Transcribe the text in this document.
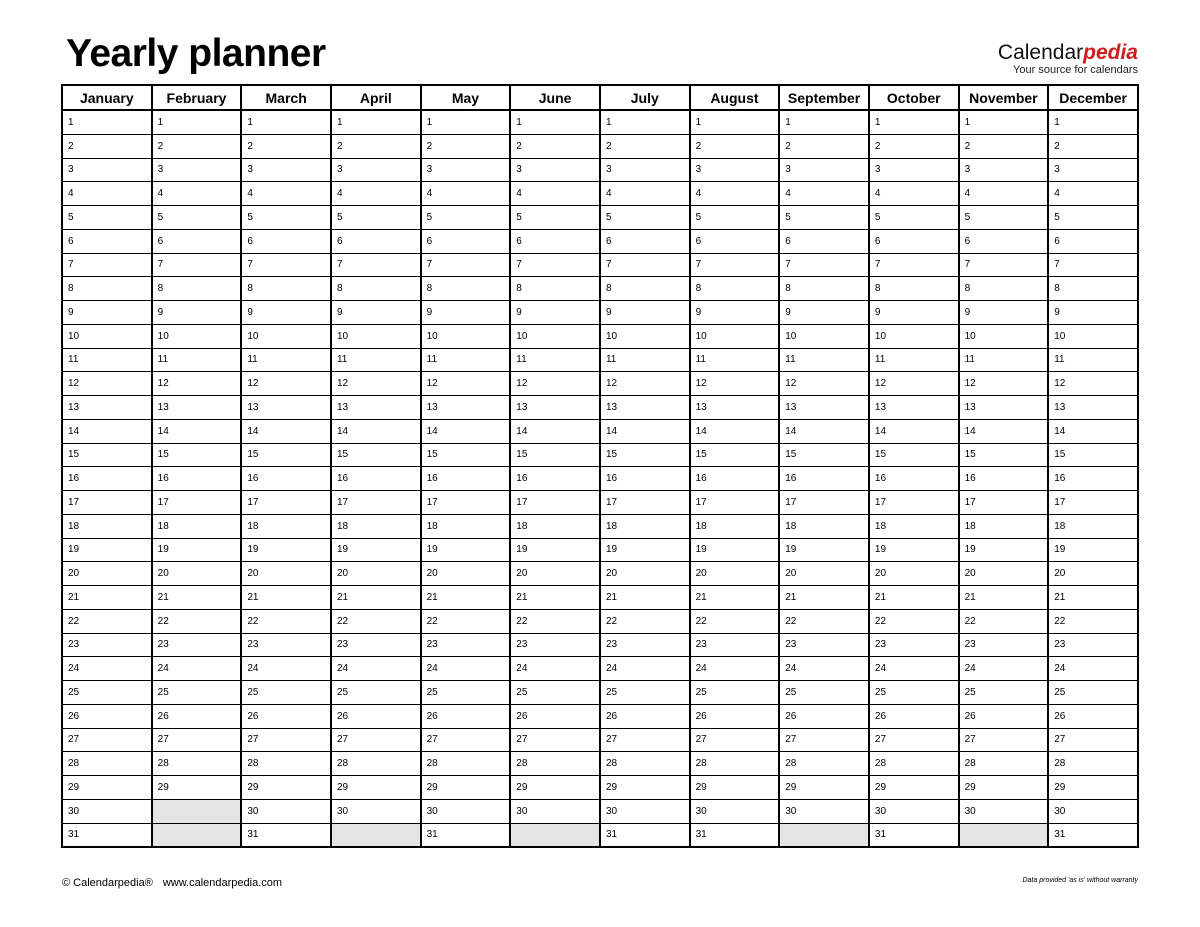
Yearly planner	Calendarpedia
Your source for calendars
January	February	March	April	May	June	July	August	September	October	November	December
1	1	1	1	1	1	1	1	1	1	1	1
2	2	2	2	2	2	2	2	2	2	2	2
3	3	3	3	3	3	3	3	3	3	3	3
4	4	4	4	4	4	4	4	4	4	4	4
5	5	5	5	5	5	5	5	5	5	5	5
6	6	6	6	6	6	6	6	6	6	6	6
7	7	7	7	7	7	7	7	7	7	7	7
8	8	8	8	8	8	8	8	8	8	8	8
9	9	9	9	9	9	9	9	9	9	9	9
10	10	10	10	10	10	10	10	10	10	10	10
11	11	11	11	11	11	11	11	11	11	11	11
12	12	12	12	12	12	12	12	12	12	12	12
13	13	13	13	13	13	13	13	13	13	13	13
14	14	14	14	14	14	14	14	14	14	14	14
15	15	15	15	15	15	15	15	15	15	15	15
16	16	16	16	16	16	16	16	16	16	16	16
17	17	17	17	17	17	17	17	17	17	17	17
18	18	18	18	18	18	18	18	18	18	18	18
19	19	19	19	19	19	19	19	19	19	19	19
20	20	20	20	20	20	20	20	20	20	20	20
21	21	21	21	21	21	21	21	21	21	21	21
22	22	22	22	22	22	22	22	22	22	22	22
23	23	23	23	23	23	23	23	23	23	23	23
24	24	24	24	24	24	24	24	24	24	24	24
25	25	25	25	25	25	25	25	25	25	25	25
26	26	26	26	26	26	26	26	26	26	26	26
27	27	27	27	27	27	27	27	27	27	27	27
28	28	28	28	28	28	28	28	28	28	28	28
29	29	29	29	29	29	29	29	29	29	29	29
30		30	30	30	30	30	30	30	30	30	30
31		31		31		31	31		31		31
© Calendarpedia® www.calendarpedia.com	Data provided 'as is' without warranty
